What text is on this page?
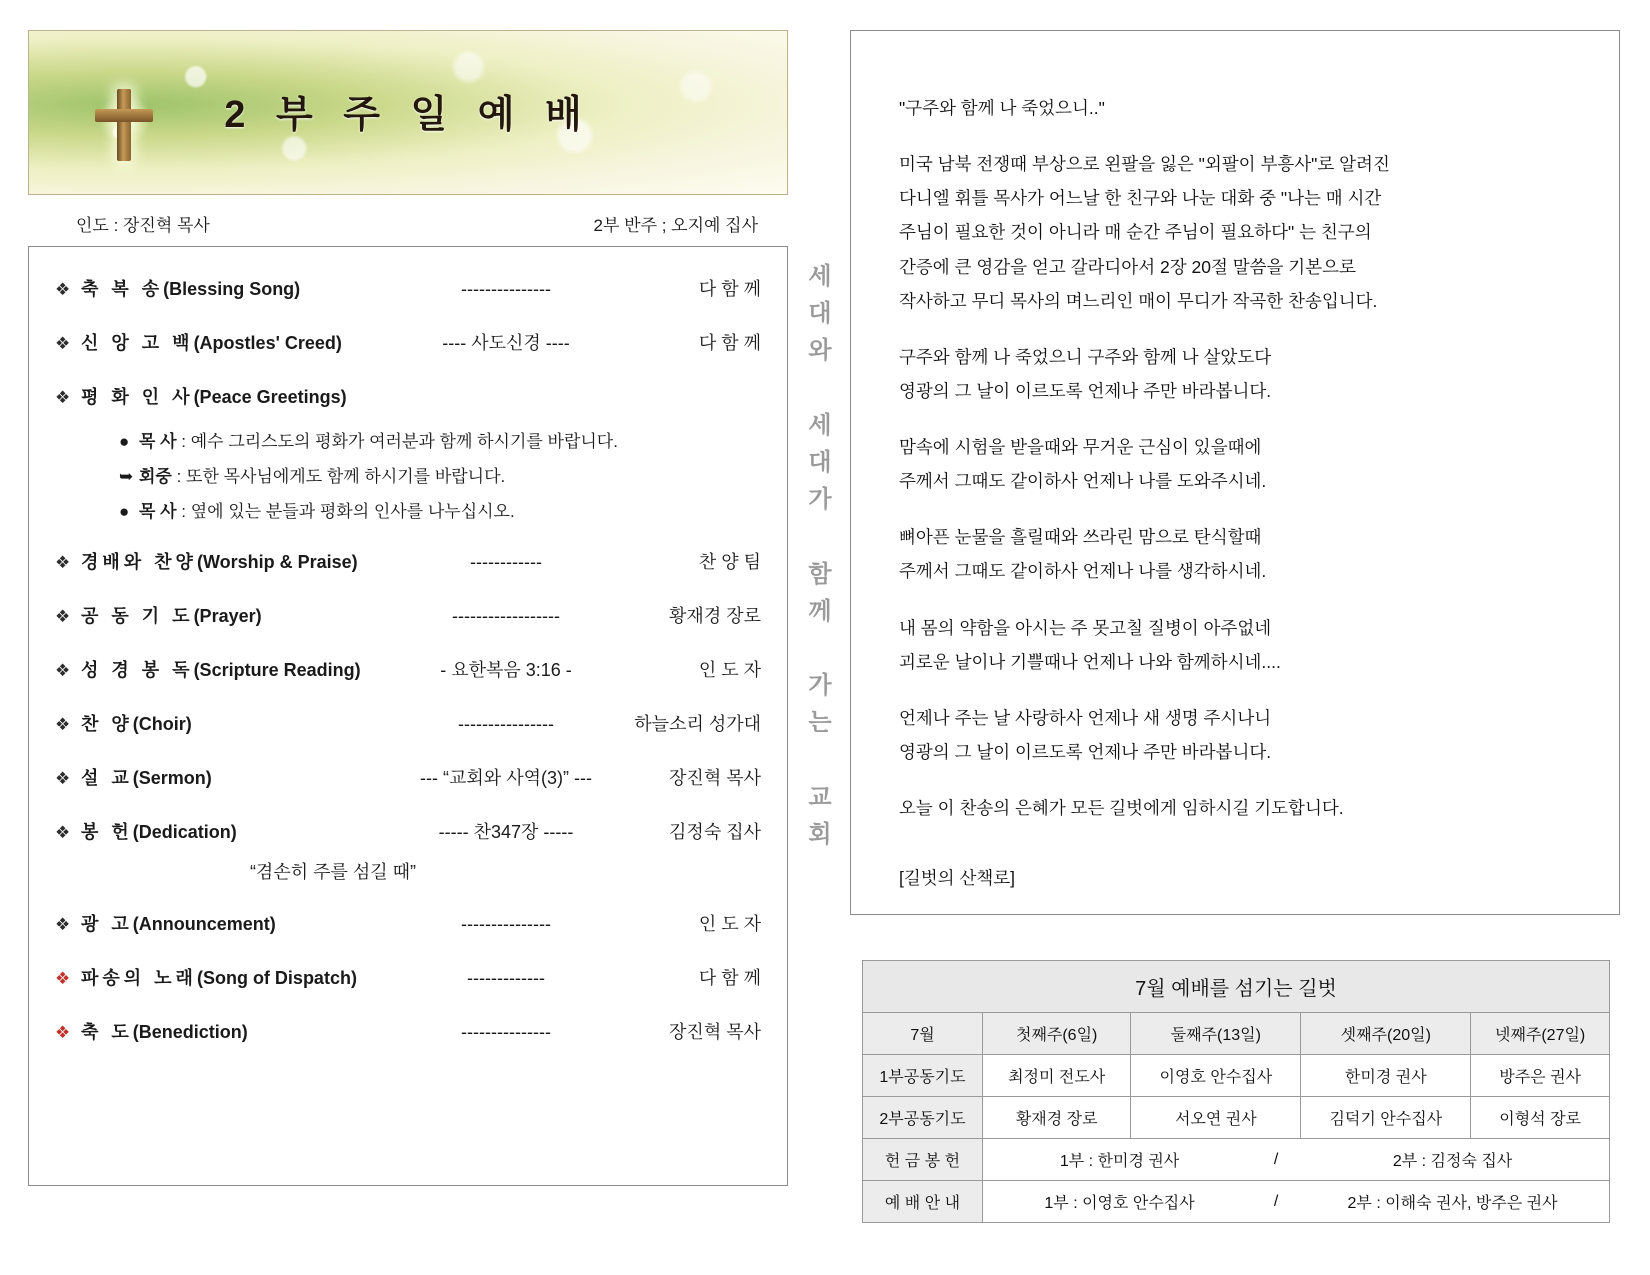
2 부 주 일 예 배
인도 : 장진혁 목사	2부 반주 ; 오지예 집사
❖ 축 복 송(Blessing Song)	---------------	다 함 께
❖ 신 앙 고 백(Apostles' Creed)	---- 사도신경 ----	다 함 께
❖ 평 화 인 사(Peace Greetings)
● 목 사 : 예수 그리스도의 평화가 여러분과 함께 하시기를 바랍니다.
➥ 회중 : 또한 목사님에게도 함께 하시기를 바랍니다.
● 목 사 : 옆에 있는 분들과 평화의 인사를 나누십시오.
❖ 경배와 찬양(Worship & Praise)	------------	찬 양 팀
❖ 공 동 기 도(Prayer)	------------------	황재경 장로
❖ 성 경 봉 독(Scripture Reading)	- 요한복음 3:16 -	인 도 자
❖ 찬 양(Choir)	----------------	하늘소리 성가대
❖ 설 교(Sermon)	--- “교회와 사역(3)” ---	장진혁 목사
❖ 봉 헌(Dedication)	----- 찬347장 -----	김정숙 집사
“겸손히 주를 섬길 때”
❖ 광 고(Announcement)	---------------	인 도 자
❖ 파송의 노래(Song of Dispatch)	-------------	다 함 께
❖ 축 도(Benediction)	---------------	장진혁 목사
세
대
와

세
대
가

함
께

가
는

교
회

"구주와 함께 나 죽었으니.."

미국 남북 전쟁때 부상으로 왼팔을 잃은 "외팔이 부흥사"로 알려진
다니엘 휘틀 목사가 어느날 한 친구와 나눈 대화 중 "나는 매 시간
주님이 필요한 것이 아니라 매 순간 주님이 필요하다" 는 친구의
간증에 큰 영감을 얻고 갈라디아서 2장 20절 말씀을 기본으로
작사하고 무디 목사의 며느리인 매이 무디가 작곡한 찬송입니다.

구주와 함께 나 죽었으니 구주와 함께 나 살았도다
영광의 그 날이 이르도록 언제나 주만 바라봅니다.

맘속에 시험을 받을때와 무거운 근심이 있을때에
주께서 그때도 같이하사 언제나 나를 도와주시네.

뼈아픈 눈물을 흘릴때와 쓰라린 맘으로 탄식할때
주께서 그때도 같이하사 언제나 나를 생각하시네.

내 몸의 약함을 아시는 주 못고칠 질병이 아주없네
괴로운 날이나 기쁠때나 언제나 나와 함께하시네....

언제나 주는 날 사랑하사 언제나 새 생명 주시나니
영광의 그 날이 이르도록 언제나 주만 바라봅니다.

오늘 이 찬송의 은혜가 모든 길벗에게 임하시길 기도합니다.

[길벗의 산책로]

7월 예배를 섬기는 길벗				
7월	첫째주(6일)	둘째주(13일)	셋째주(20일)	넷째주(27일)
1부공동기도	최정미 전도사	이영호 안수집사	한미경 권사	방주은 권사
2부공동기도	황재경 장로	서오연 권사	김덕기 안수집사	이형석 장로
헌 금 봉 헌	1부 : 한미경 권사 / 2부 : 김정숙 집사			

예 배 안 내	1부 : 이영호 안수집사 / 2부 : 이해숙 권사, 방주은 권사			
